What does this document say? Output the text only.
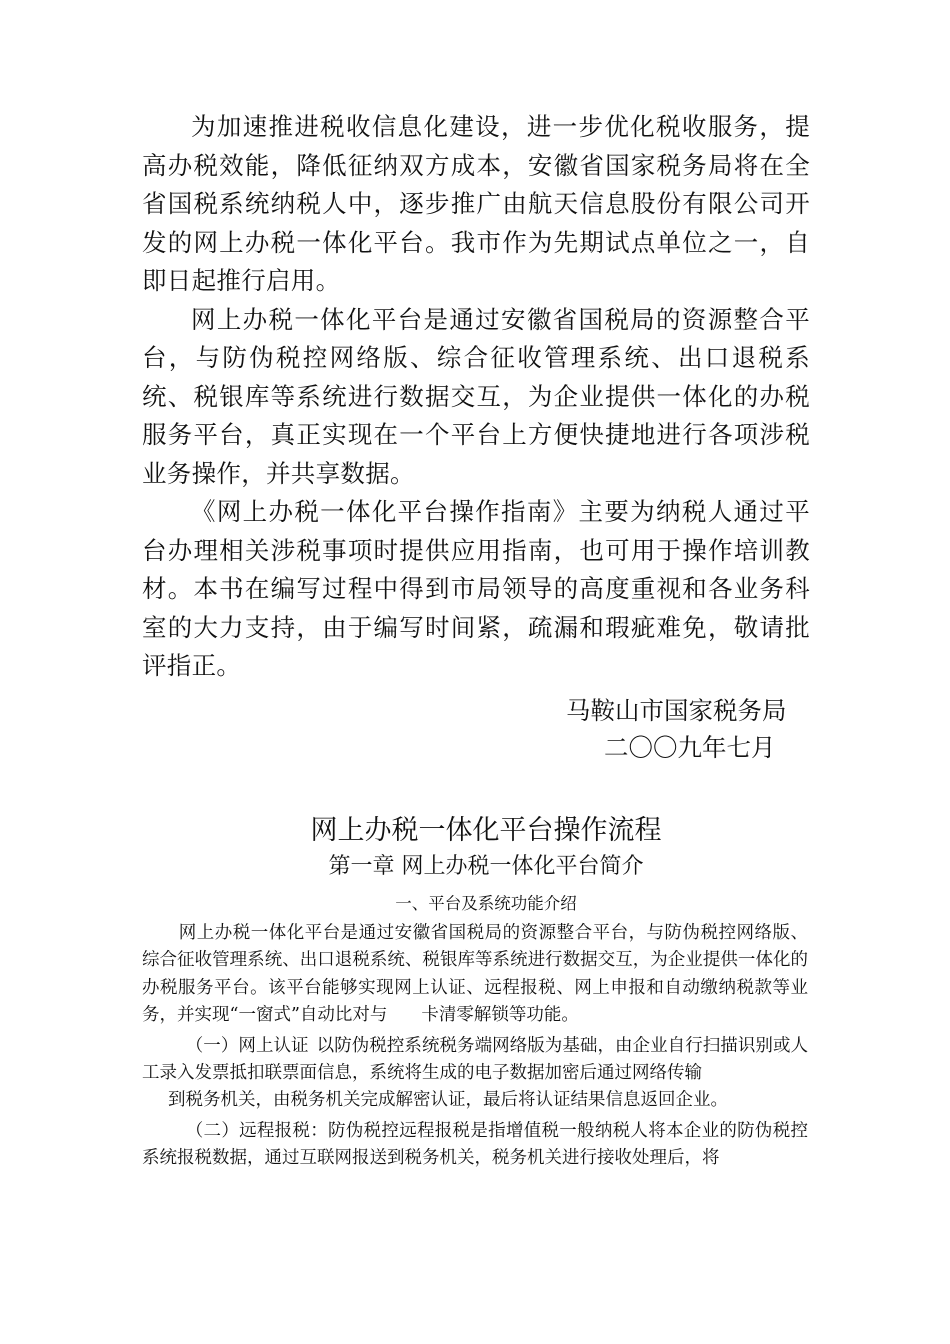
为加速推进税收信息化建设，进一步优化税收服务，提高办税效能，降低征纳双方成本，安徽省国家税务局将在全省国税系统纳税人中，逐步推广由航天信息股份有限公司开发的网上办税一体化平台。我市作为先期试点单位之一，自即日起推行启用。

网上办税一体化平台是通过安徽省国税局的资源整合平台，与防伪税控网络版、综合征收管理系统、出口退税系统、税银库等系统进行数据交互，为企业提供一体化的办税服务平台，真正实现在一个平台上方便快捷地进行各项涉税业务操作，并共享数据。

《网上办税一体化平台操作指南》主要为纳税人通过平台办理相关涉税事项时提供应用指南，也可用于操作培训教材。本书在编写过程中得到市局领导的高度重视和各业务科室的大力支持，由于编写时间紧，疏漏和瑕疵难免，敬请批评指正。

马鞍山市国家税务局
二〇〇九年七月
网上办税一体化平台操作流程
第一章 网上办税一体化平台简介
一、平台及系统功能介绍

网上办税一体化平台是通过安徽省国税局的资源整合平台，与防伪税控网络版、综合征收管理系统、出口退税系统、税银库等系统进行数据交互，为企业提供一体化的办税服务平台。该平台能够实现网上认证、远程报税、网上申报和自动缴纳税款等业务，并实现“一窗式”自动比对与 卡清零解锁等功能。

（一）网上认证 以防伪税控系统税务端网络版为基础，由企业自行扫描识别或人工录入发票抵扣联票面信息，系统将生成的电子数据加密后通过网络传输

到税务机关，由税务机关完成解密认证，最后将认证结果信息返回企业。

（二）远程报税：防伪税控远程报税是指增值税一般纳税人将本企业的防伪税控系统报税数据，通过互联网报送到税务机关，税务机关进行接收处理后，将
